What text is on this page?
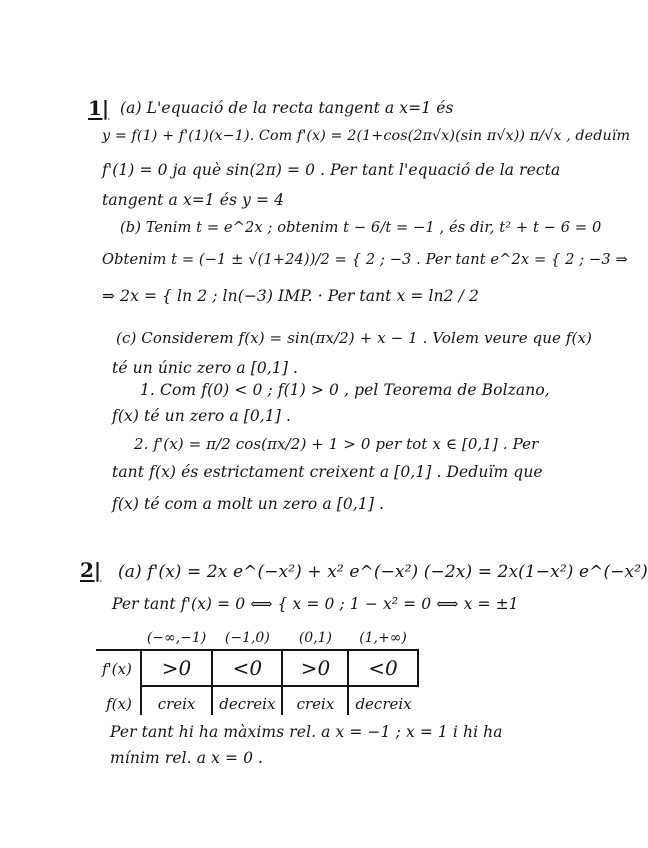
1| (a) L'equació de la recta tangent a x=1 és
y = f(1) + f'(1)(x−1). Com f'(x) = 2(1+cos(2π√x)(sin π√x)) π/√x , deduïm
f'(1) = 0 ja què sin(2π) = 0 . Per tant l'equació de la recta
tangent a x=1 és y = 4
(b) Tenim t = e^2x ; obtenim t − 6/t = −1 , és dir, t² + t − 6 = 0
Obtenim t = (−1 ± √(1+24))/2 = { 2 ; −3 . Per tant e^2x = { 2 ; −3 ⇒
⇒ 2x = { ln 2 ; ln(−3) IMP. · Per tant x = ln2 / 2
(c) Considerem f(x) = sin(πx/2) + x − 1 . Volem veure que f(x)
té un únic zero a [0,1] .
1. Com f(0) < 0 ; f(1) > 0 , pel Teorema de Bolzano,
f(x) té un zero a [0,1] .
2. f'(x) = π/2 cos(πx/2) + 1 > 0 per tot x ∈ [0,1] . Per
tant f(x) és estrictament creixent a [0,1] . Deduïm que
f(x) té com a molt un zero a [0,1] .
2| (a) f'(x) = 2x e^(−x²) + x² e^(−x²) (−2x) = 2x(1−x²) e^(−x²)
Per tant f'(x) = 0 ⟺ { x = 0 ; 1 − x² = 0 ⟺ x = ±1
	(−∞,−1)	(−1,0)	(0,1)	(1,+∞)
f'(x)	>0	<0	>0	<0
f(x)	creix	decreix	creix	decreix
Per tant hi ha màxims rel. a x = −1 ; x = 1 i hi ha
mínim rel. a x = 0 .
